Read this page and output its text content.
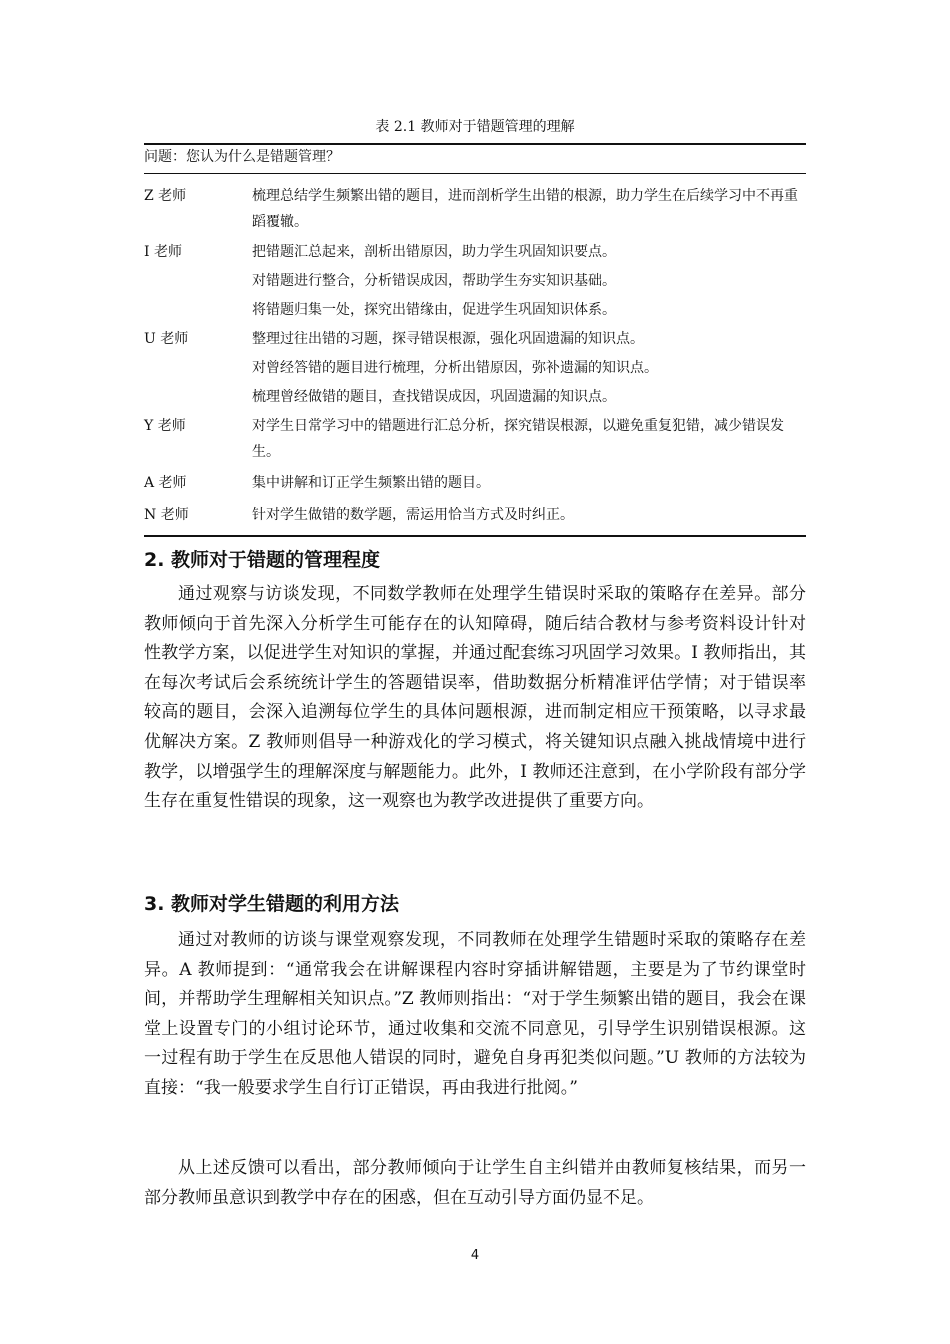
表 2.1 教师对于错题管理的理解
问题：您认为什么是错题管理？
Z 老师	梳理总结学生频繁出错的题目，进而剖析学生出错的根源，助力学生在后续学习中不再重蹈覆辙。
I 老师	把错题汇总起来，剖析出错原因，助力学生巩固知识要点。
对错题进行整合，分析错误成因，帮助学生夯实知识基础。
将错题归集一处，探究出错缘由，促进学生巩固知识体系。
U 老师	整理过往出错的习题，探寻错误根源，强化巩固遗漏的知识点。
对曾经答错的题目进行梳理，分析出错原因，弥补遗漏的知识点。
梳理曾经做错的题目，查找错误成因，巩固遗漏的知识点。
Y 老师	对学生日常学习中的错题进行汇总分析，探究错误根源，以避免重复犯错，减少错误发生。
A 老师	集中讲解和订正学生频繁出错的题目。
N 老师	针对学生做错的数学题，需运用恰当方式及时纠正。
2. 教师对于错题的管理程度

通过观察与访谈发现，不同数学教师在处理学生错误时采取的策略存在差异。部分教师倾向于首先深入分析学生可能存在的认知障碍，随后结合教材与参考资料设计针对性教学方案，以促进学生对知识的掌握，并通过配套练习巩固学习效果。I 教师指出，其在每次考试后会系统统计学生的答题错误率，借助数据分析精准评估学情；对于错误率较高的题目，会深入追溯每位学生的具体问题根源，进而制定相应干预策略，以寻求最优解决方案。Z 教师则倡导一种游戏化的学习模式，将关键知识点融入挑战情境中进行教学，以增强学生的理解深度与解题能力。此外，I 教师还注意到，在小学阶段有部分学生存在重复性错误的现象，这一观察也为教学改进提供了重要方向。

3. 教师对学生错题的利用方法

通过对教师的访谈与课堂观察发现，不同教师在处理学生错题时采取的策略存在差异。A 教师提到：“通常我会在讲解课程内容时穿插讲解错题，主要是为了节约课堂时间，并帮助学生理解相关知识点。”Z 教师则指出：“对于学生频繁出错的题目，我会在课堂上设置专门的小组讨论环节，通过收集和交流不同意见，引导学生识别错误根源。这一过程有助于学生在反思他人错误的同时，避免自身再犯类似问题。”U 教师的方法较为直接：“我一般要求学生自行订正错误，再由我进行批阅。”

从上述反馈可以看出，部分教师倾向于让学生自主纠错并由教师复核结果，而另一部分教师虽意识到教学中存在的困惑，但在互动引导方面仍显不足。

4
